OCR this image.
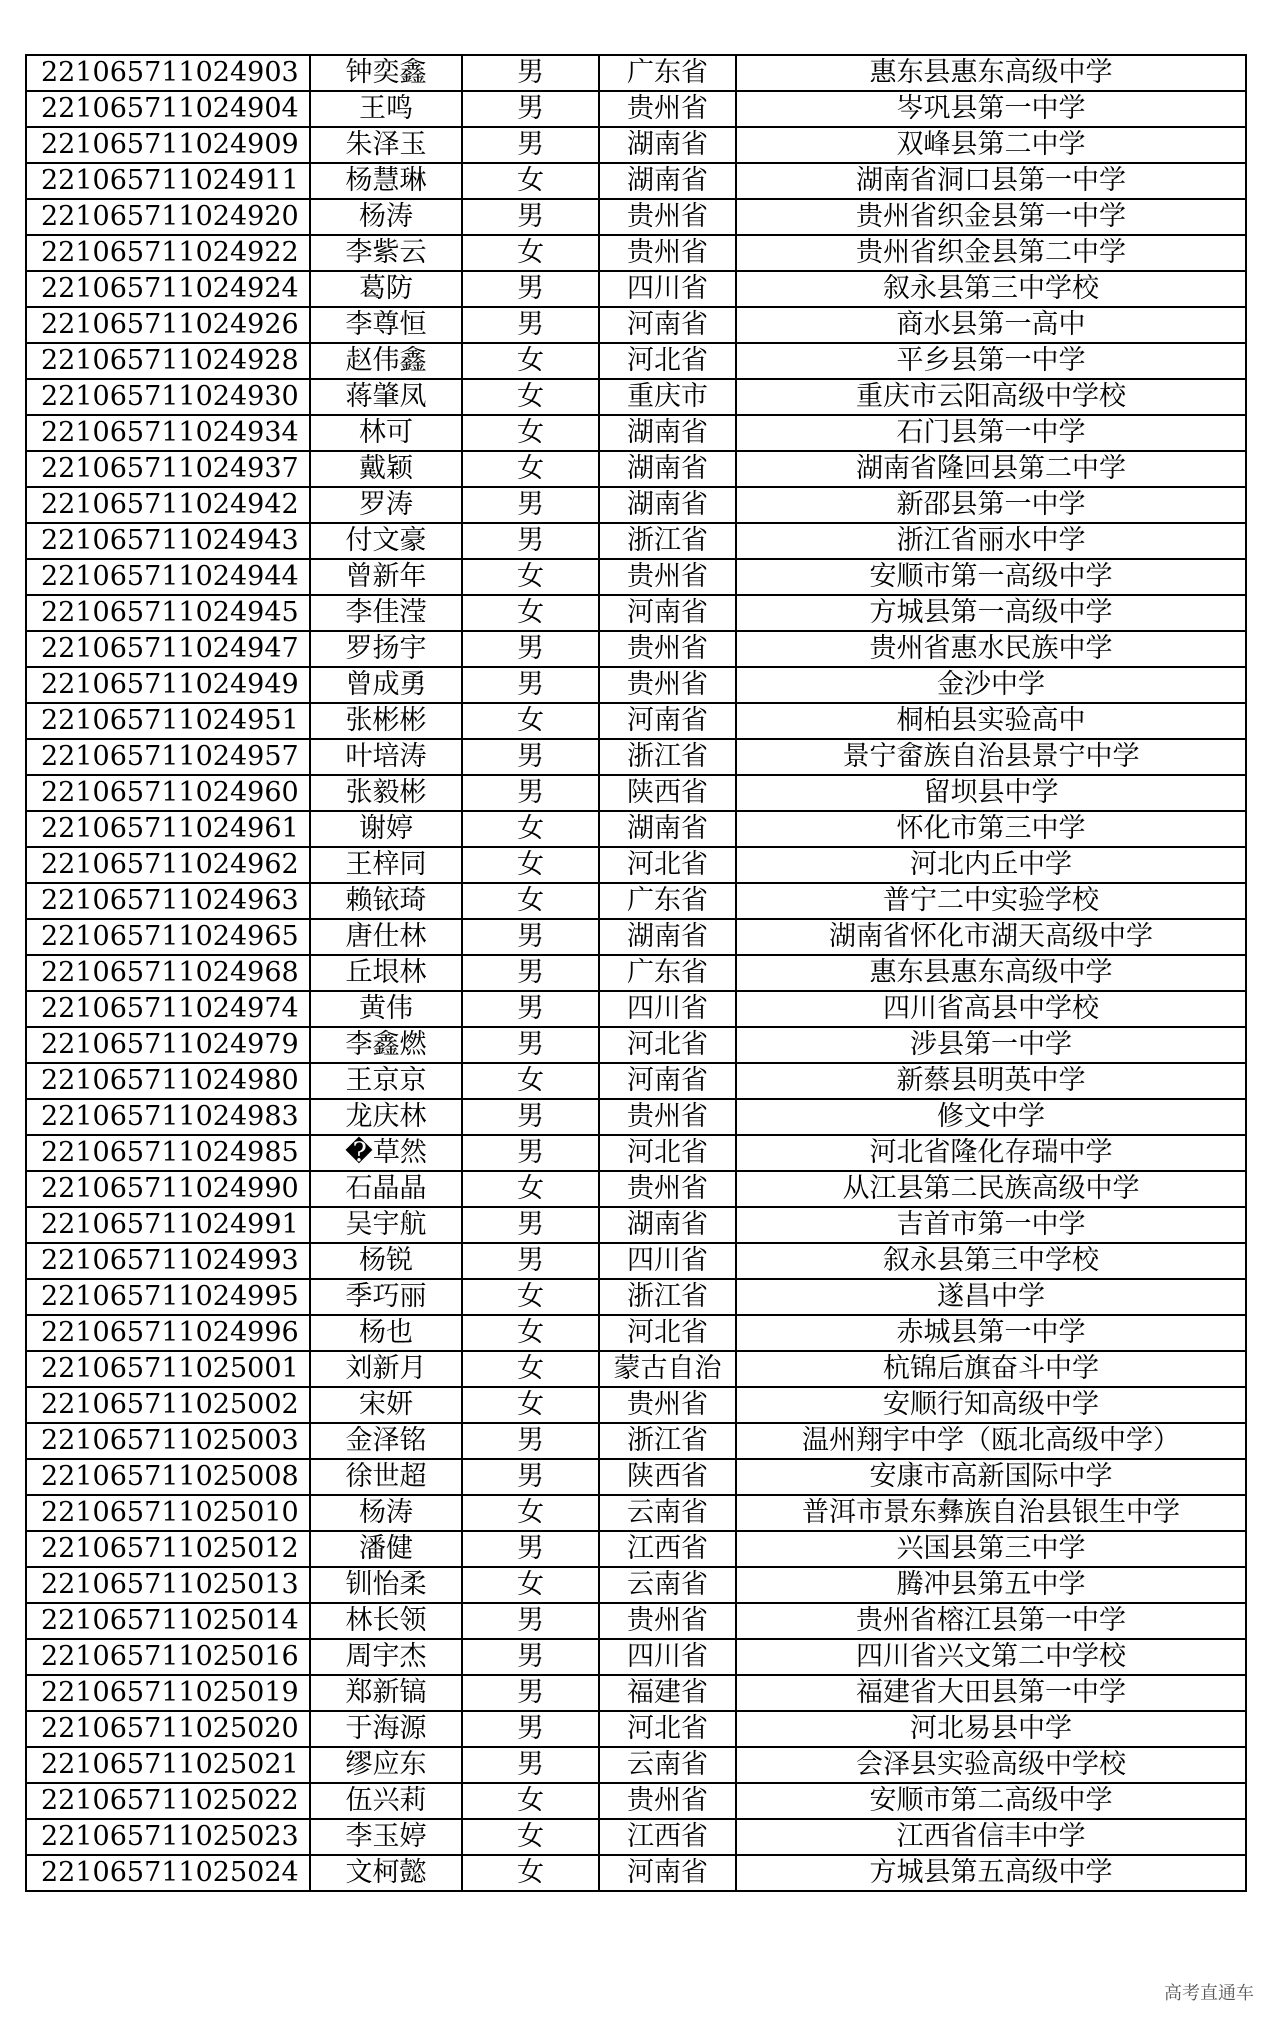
221065711024903	钟奕鑫	男	广东省	惠东县惠东高级中学
221065711024904	王鸣	男	贵州省	岑巩县第一中学
221065711024909	朱泽玉	男	湖南省	双峰县第二中学
221065711024911	杨慧琳	女	湖南省	湖南省洞口县第一中学
221065711024920	杨涛	男	贵州省	贵州省织金县第一中学
221065711024922	李紫云	女	贵州省	贵州省织金县第二中学
221065711024924	葛防	男	四川省	叙永县第三中学校
221065711024926	李尊恒	男	河南省	商水县第一高中
221065711024928	赵伟鑫	女	河北省	平乡县第一中学
221065711024930	蒋肇凤	女	重庆市	重庆市云阳高级中学校
221065711024934	林可	女	湖南省	石门县第一中学
221065711024937	戴颖	女	湖南省	湖南省隆回县第二中学
221065711024942	罗涛	男	湖南省	新邵县第一中学
221065711024943	付文豪	男	浙江省	浙江省丽水中学
221065711024944	曾新年	女	贵州省	安顺市第一高级中学
221065711024945	李佳滢	女	河南省	方城县第一高级中学
221065711024947	罗扬宇	男	贵州省	贵州省惠水民族中学
221065711024949	曾成勇	男	贵州省	金沙中学
221065711024951	张彬彬	女	河南省	桐柏县实验高中
221065711024957	叶培涛	男	浙江省	景宁畲族自治县景宁中学
221065711024960	张毅彬	男	陕西省	留坝县中学
221065711024961	谢婷	女	湖南省	怀化市第三中学
221065711024962	王梓同	女	河北省	河北内丘中学
221065711024963	赖铱琦	女	广东省	普宁二中实验学校
221065711024965	唐仕林	男	湖南省	湖南省怀化市湖天高级中学
221065711024968	丘垠林	男	广东省	惠东县惠东高级中学
221065711024974	黄伟	男	四川省	四川省高县中学校
221065711024979	李鑫燃	男	河北省	涉县第一中学
221065711024980	王京京	女	河南省	新蔡县明英中学
221065711024983	龙庆林	男	贵州省	修文中学
221065711024985	�草然	男	河北省	河北省隆化存瑞中学
221065711024990	石晶晶	女	贵州省	从江县第二民族高级中学
221065711024991	吴宇航	男	湖南省	吉首市第一中学
221065711024993	杨锐	男	四川省	叙永县第三中学校
221065711024995	季巧丽	女	浙江省	遂昌中学
221065711024996	杨也	女	河北省	赤城县第一中学
221065711025001	刘新月	女	蒙古自治	杭锦后旗奋斗中学
221065711025002	宋妍	女	贵州省	安顺行知高级中学
221065711025003	金泽铭	男	浙江省	温州翔宇中学（瓯北高级中学）
221065711025008	徐世超	男	陕西省	安康市高新国际中学
221065711025010	杨涛	女	云南省	普洱市景东彝族自治县银生中学
221065711025012	潘健	男	江西省	兴国县第三中学
221065711025013	钏怡柔	女	云南省	腾冲县第五中学
221065711025014	林长领	男	贵州省	贵州省榕江县第一中学
221065711025016	周宇杰	男	四川省	四川省兴文第二中学校
221065711025019	郑新镐	男	福建省	福建省大田县第一中学
221065711025020	于海源	男	河北省	河北易县中学
221065711025021	缪应东	男	云南省	会泽县实验高级中学校
221065711025022	伍兴莉	女	贵州省	安顺市第二高级中学
221065711025023	李玉婷	女	江西省	江西省信丰中学
221065711025024	文柯懿	女	河南省	方城县第五高级中学
高考直通车
